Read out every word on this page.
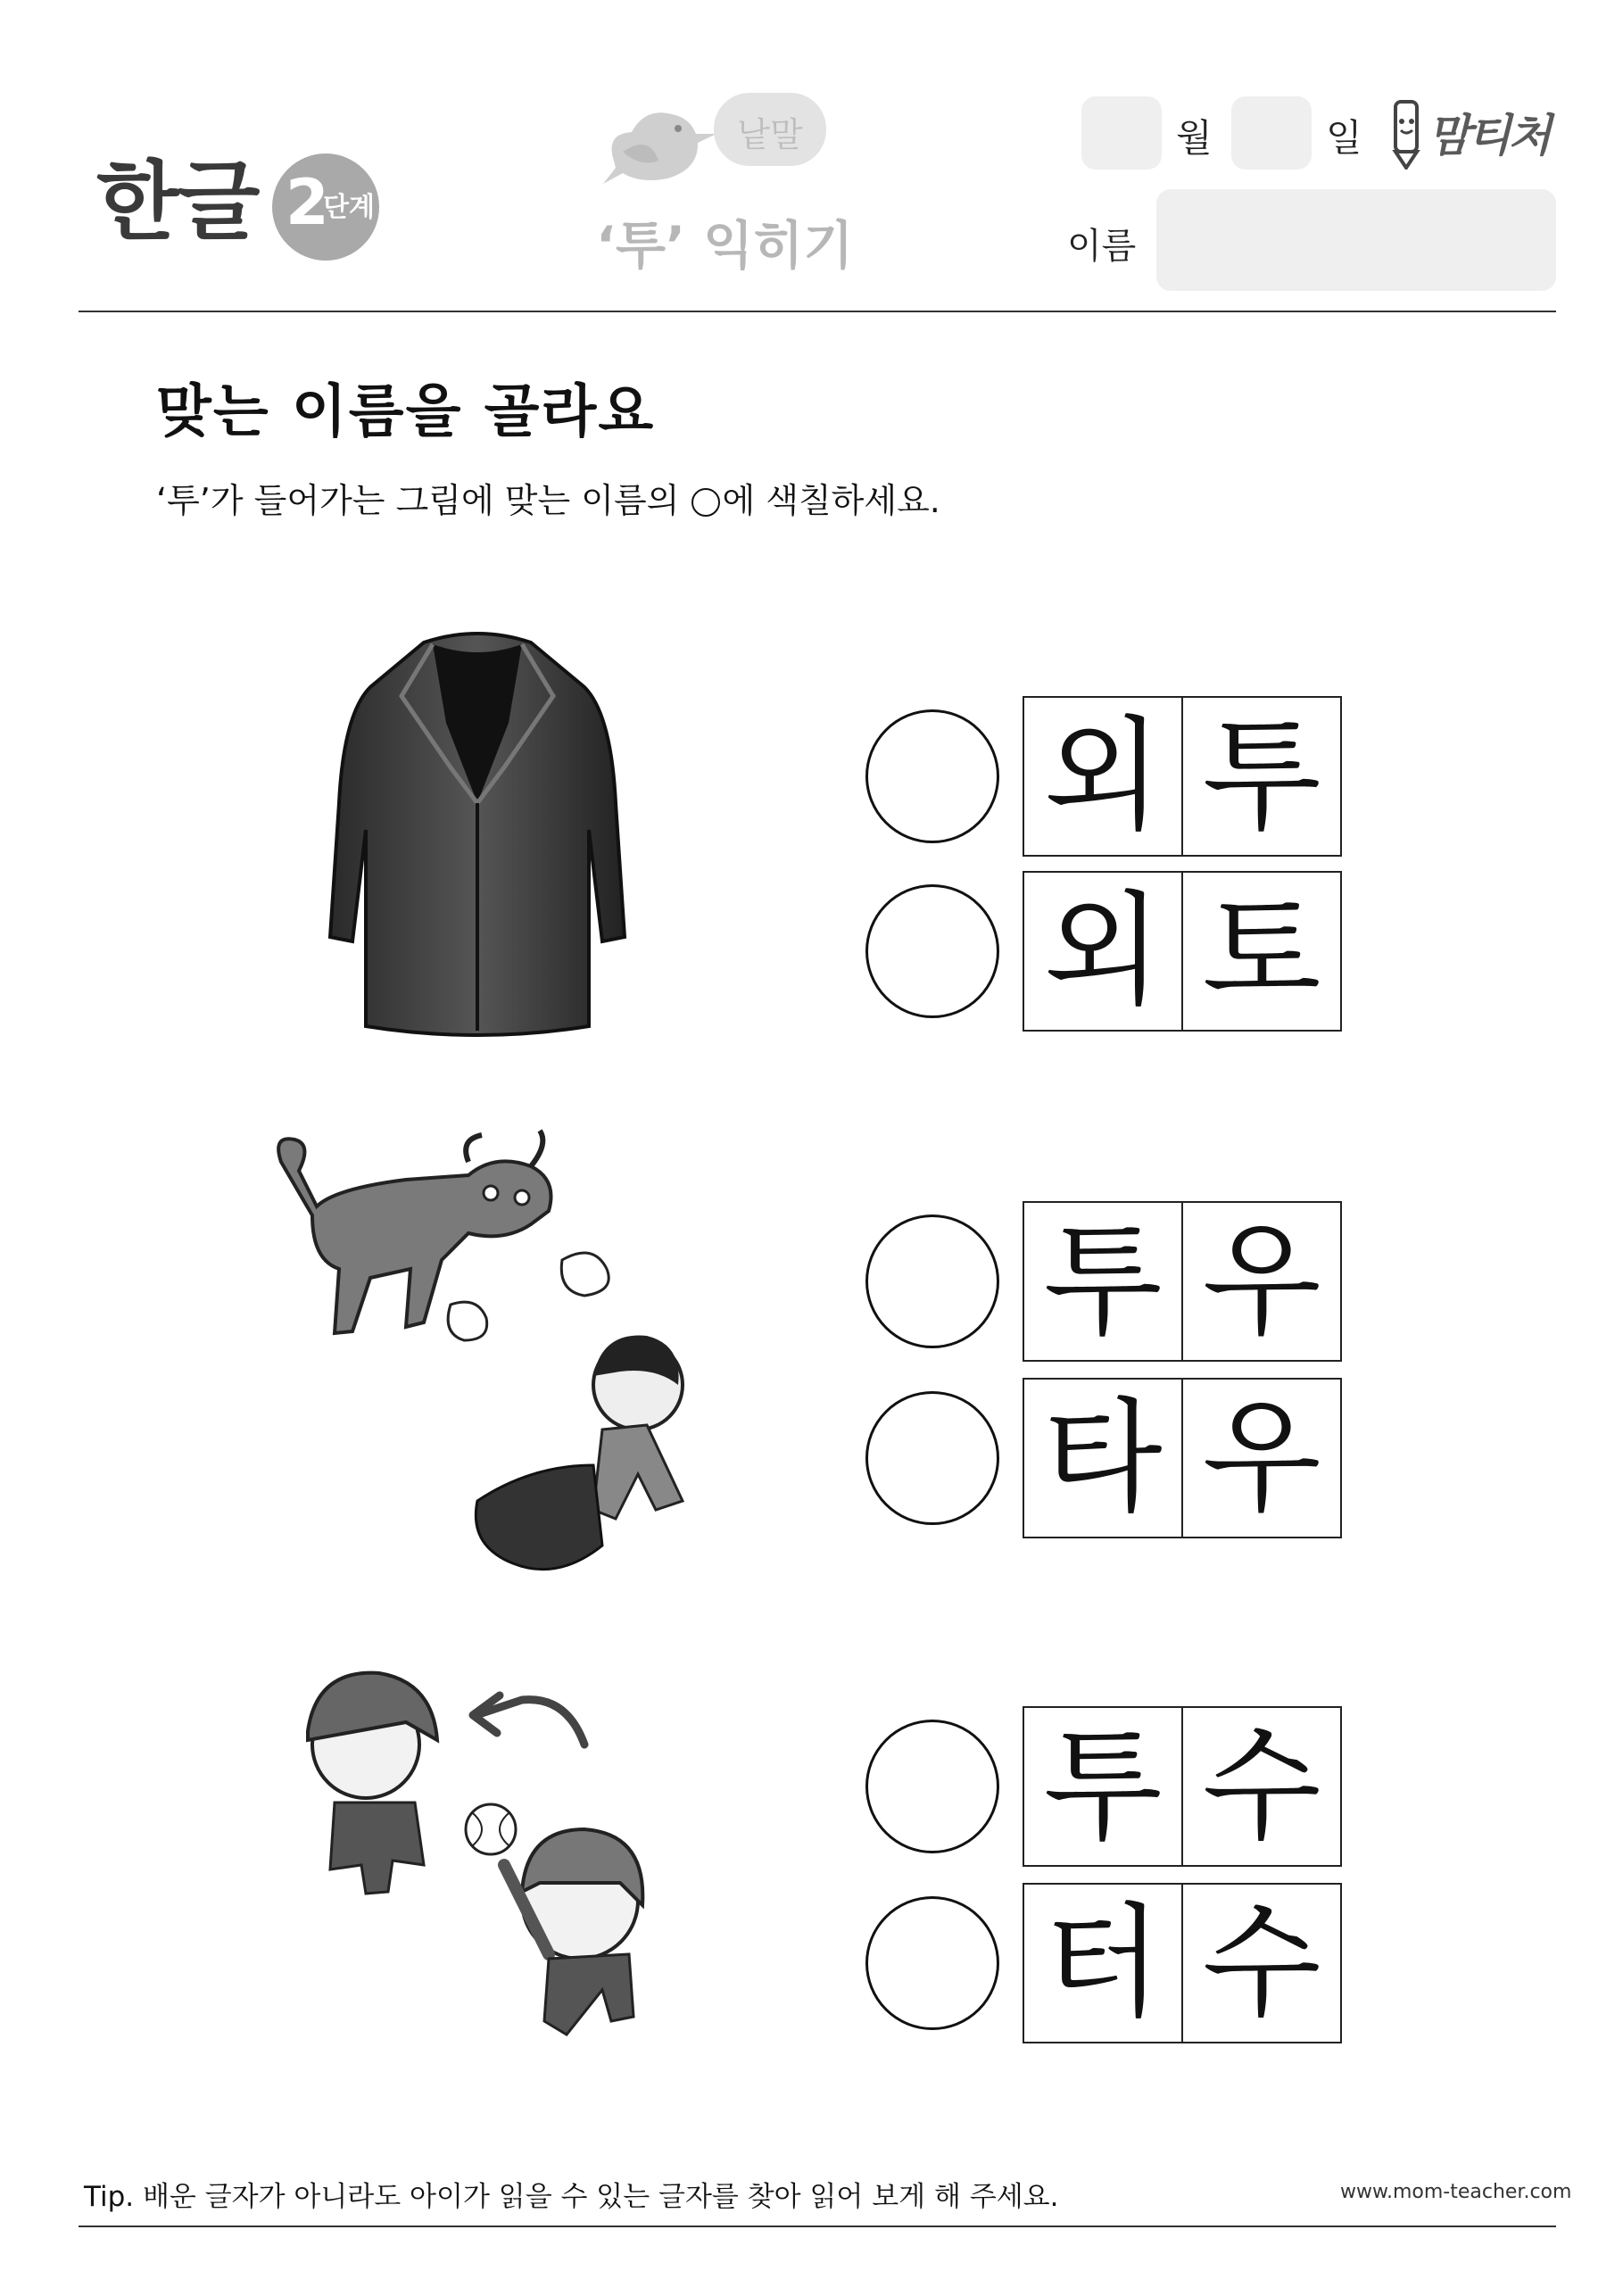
한글 2
단계
낱말
‘투’ 익히기
월	일
이름
맘티처
맞는 이름을 골라요
‘투’가 들어가는 그림에 맞는 이름의 에 색칠하세요.
외 투
외 토
투 우
타 우
투 수
터 수
Tip. 배운 글자가 아니라도 아이가 읽을 수 있는 글자를 찾아 읽어 보게 해 주세요.	www.mom-teacher.com
